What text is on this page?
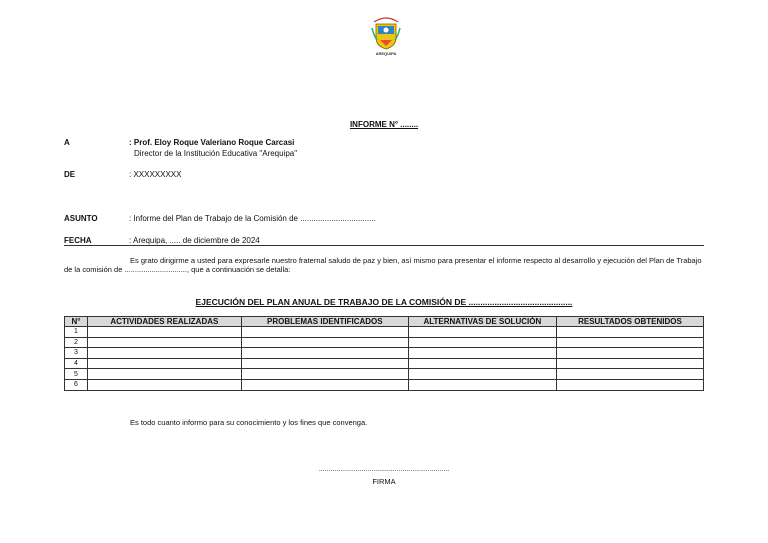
AREQUIPA
INFORME N° ........
A	: Prof. Eloy Roque Valeriano Roque Carcasi
Director de la Institución Educativa "Arequipa"
DE	: XXXXXXXXX
ASUNTO	: Informe del Plan de Trabajo de la Comisión de ..................................
FECHA	: Arequipa, ..... de diciembre de 2024
Es grato dirigirme a usted para expresarle nuestro fraternal saludo de paz y bien, así mismo para presentar el informe respecto al desarrollo y ejecución del Plan de Trabajo
de la comisión de .............................., que a continuación se detalla:
EJECUCIÓN DEL PLAN ANUAL DE TRABAJO DE LA COMISIÓN DE ............................................
N°	ACTIVIDADES REALIZADAS	PROBLEMAS IDENTIFICADOS	ALTERNATIVAS DE SOLUCIÓN	RESULTADOS OBTENIDOS
1				
2				
3				
4				
5				
6				
Es todo cuanto informo para su conocimiento y los fines que convenga.
...................................................................
FIRMA
